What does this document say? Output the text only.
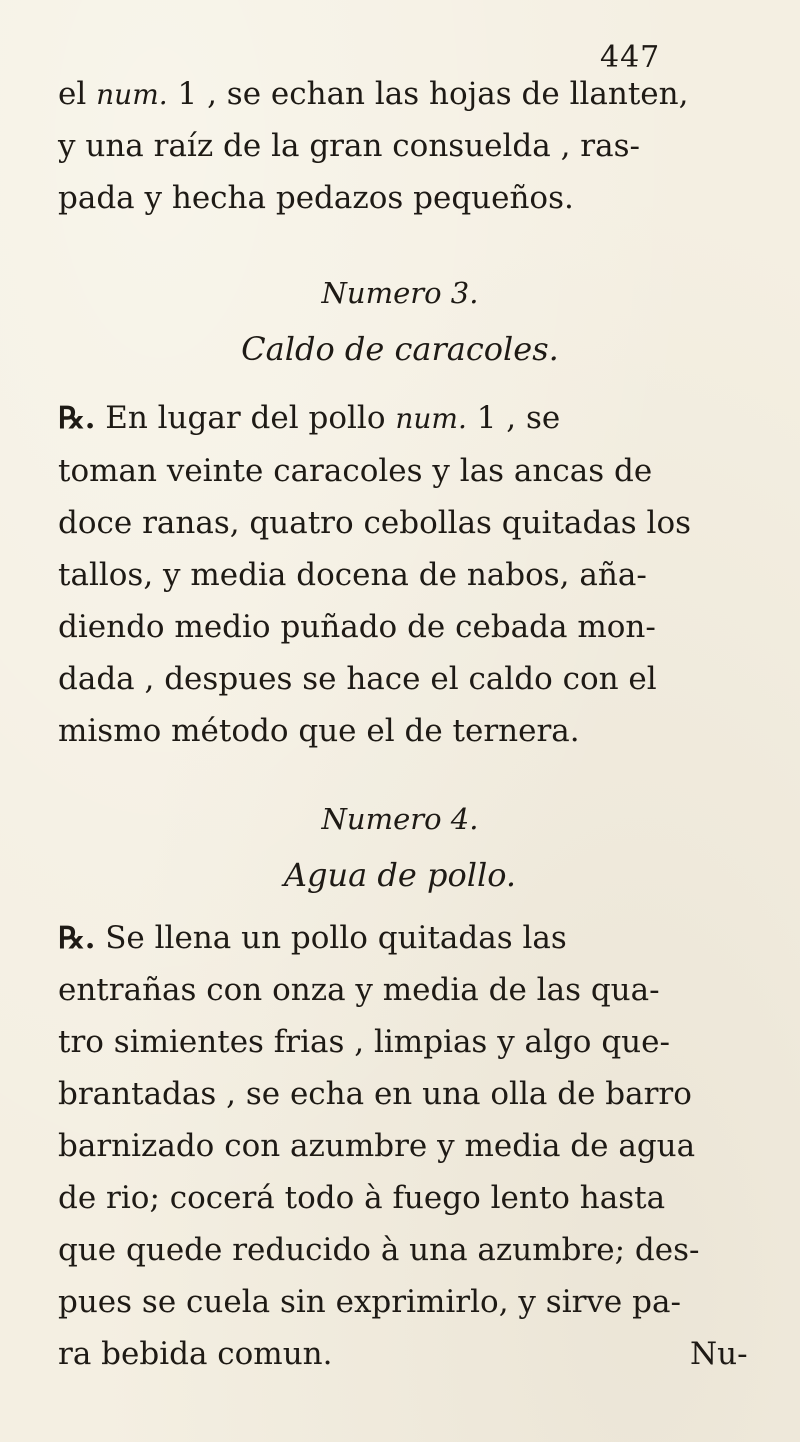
447
el num. 1 , se echan las hojas de llanten,
y una raíz de la gran consuelda , ras-
pada y hecha pedazos pequeños.
Numero 3.
Caldo de caracoles.
℞. En lugar del pollo num. 1 , se
toman veinte caracoles y las ancas de
doce ranas, quatro cebollas quitadas los
tallos, y media docena de nabos, aña-
diendo medio puñado de cebada mon-
dada , despues se hace el caldo con el
mismo método que el de ternera.
Numero 4.
Agua de pollo.
℞. Se llena un pollo quitadas las
entrañas con onza y media de las qua-
tro simientes frias , limpias y algo que-
brantadas , se echa en una olla de barro
barnizado con azumbre y media de agua
de rio; cocerá todo à fuego lento hasta
que quede reducido à una azumbre; des-
pues se cuela sin exprimirlo, y sirve pa-
ra bebida comun.	Nu-
